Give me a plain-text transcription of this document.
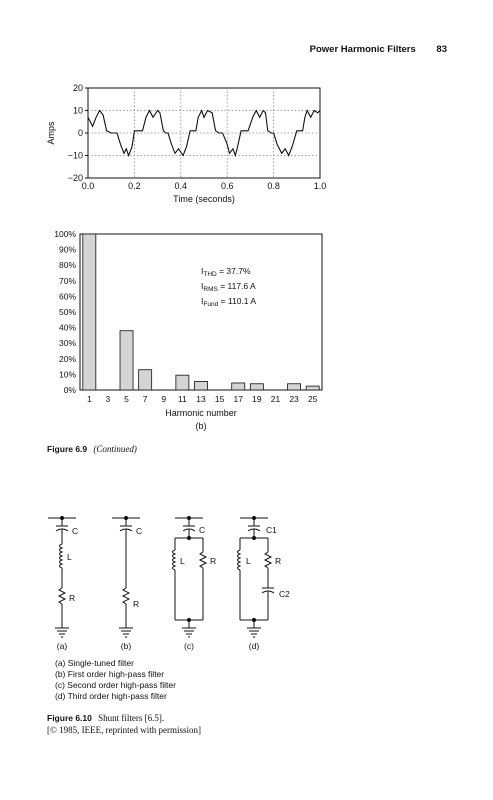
Power Harmonic Filters 83
20
10
0
−10
−20
0.0	0.2	0.4	0.6	0.8	1.0
Amps
Time (seconds)
100%
90%
80%
70%
60%
50%
40%
30%
20%
10%
0%
1 3 5 7 9 11 13 15 17 19 21 23 25
$I_{THD} = 37.7\%$
$I_{RMS} = 117.6$ A
$I_{Fund} = 110.1$ A
Harmonic number
(b)
Figure 6.9 (Continued)
C
L
R
(a)
C
R
(b)
C
L	R
(c)
C1
L	R
C2
(d)
(a) Single-tuned filter
(b) First order high-pass filter
(c) Second order high-pass filter
(d) Third order high-pass filter
Figure 6.10 Shunt filters [6.5].
[© 1985, IEEE, reprinted with permission]
